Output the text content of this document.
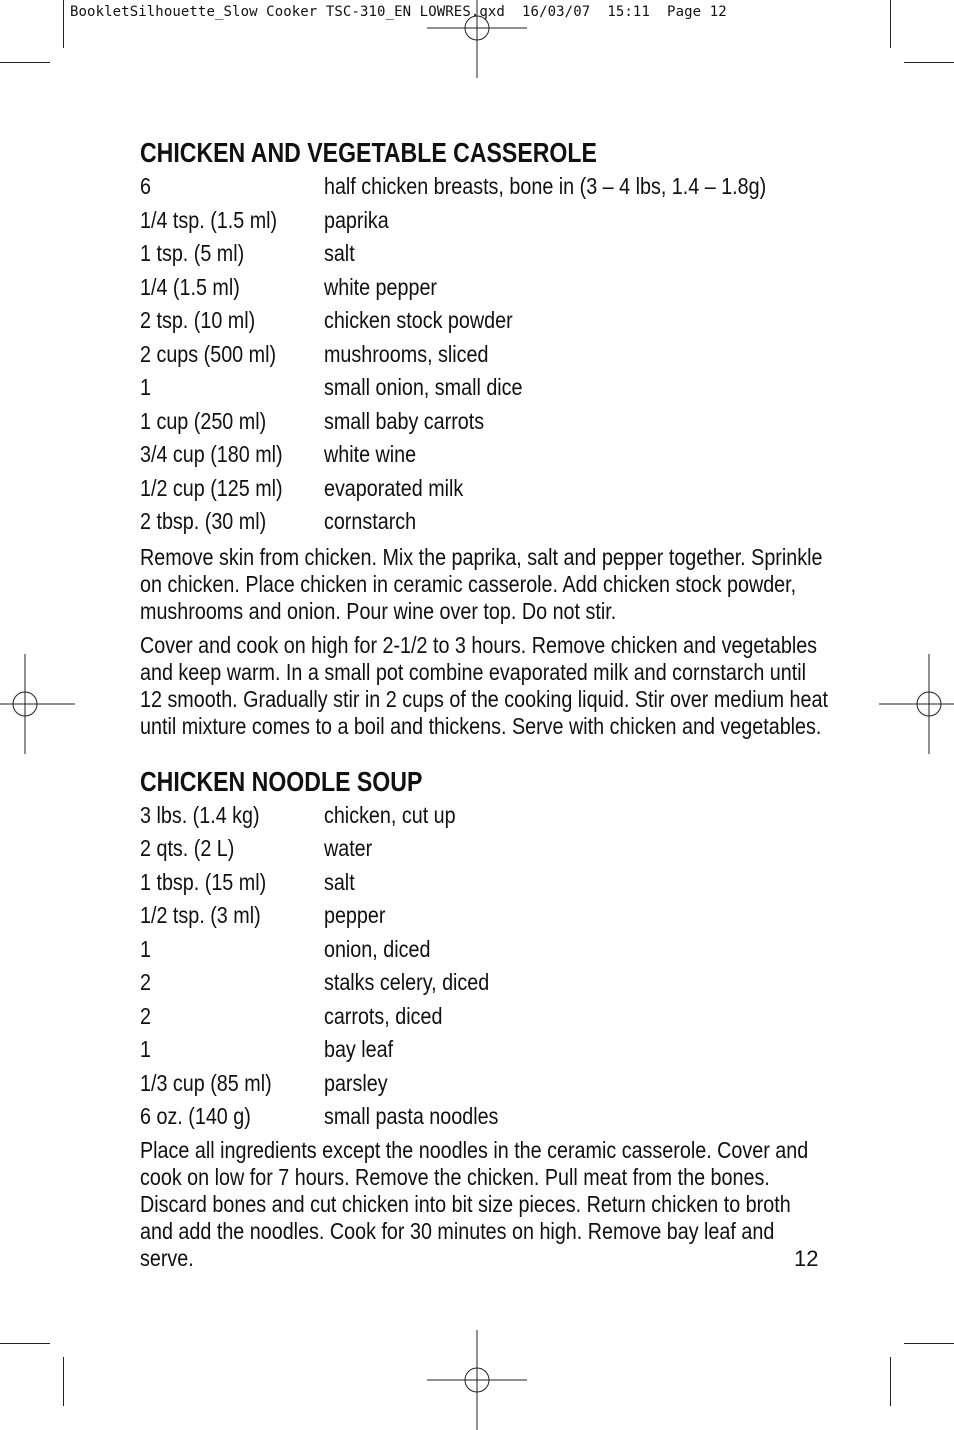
BookletSilhouette_Slow Cooker TSC-310_EN LOWRES.qxd 16/03/07 15:11 Page 12
CHICKEN AND VEGETABLE CASSEROLE
6	half chicken breasts, bone in (3 – 4 lbs, 1.4 – 1.8g)
1/4 tsp. (1.5 ml)	paprika
1 tsp. (5 ml)	salt
1/4 (1.5 ml)	white pepper
2 tsp. (10 ml)	chicken stock powder
2 cups (500 ml)	mushrooms, sliced
1	small onion, small dice
1 cup (250 ml)	small baby carrots
3/4 cup (180 ml)	white wine
1/2 cup (125 ml)	evaporated milk
2 tbsp. (30 ml)	cornstarch

Remove skin from chicken. Mix the paprika, salt and pepper together. Sprinkle on chicken. Place chicken in ceramic casserole. Add chicken stock powder, mushrooms and onion. Pour wine over top. Do not stir.

Cover and cook on high for 2-1/2 to 3 hours. Remove chicken and vegetables and keep warm. In a small pot combine evaporated milk and cornstarch until 12 smooth. Gradually stir in 2 cups of the cooking liquid. Stir over medium heat until mixture comes to a boil and thickens. Serve with chicken and vegetables.

CHICKEN NOODLE SOUP
3 lbs. (1.4 kg)	chicken, cut up
2 qts. (2 L)	water
1 tbsp. (15 ml)	salt
1/2 tsp. (3 ml)	pepper
1	onion, diced
2	stalks celery, diced
2	carrots, diced
1	bay leaf
1/3 cup (85 ml)	parsley
6 oz. (140 g)	small pasta noodles

Place all ingredients except the noodles in the ceramic casserole. Cover and cook on low for 7 hours. Remove the chicken. Pull meat from the bones. Discard bones and cut chicken into bit size pieces. Return chicken to broth and add the noodles. Cook for 30 minutes on high. Remove bay leaf and serve.	12
